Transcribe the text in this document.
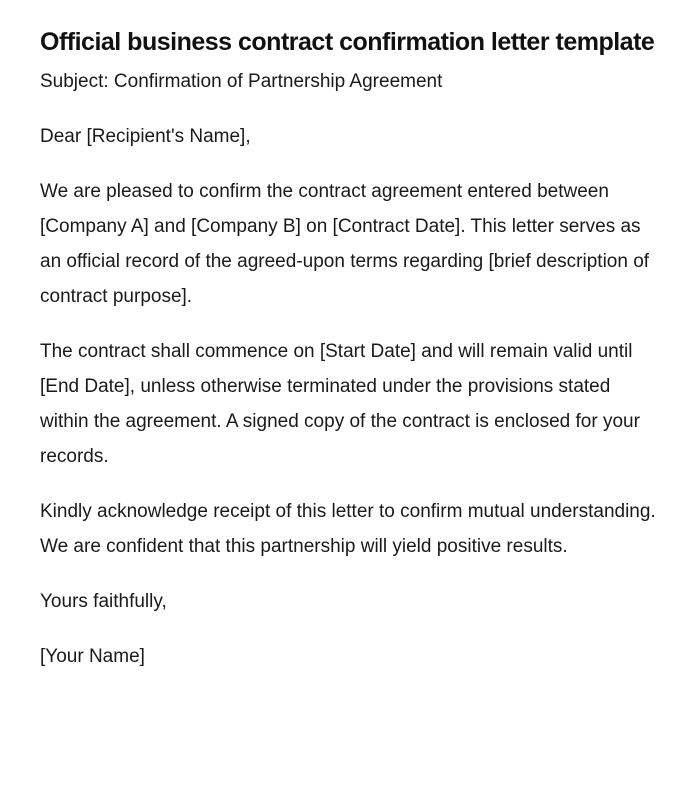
Official business contract confirmation letter template

Subject: Confirmation of Partnership Agreement

Dear [Recipient's Name],

We are pleased to confirm the contract agreement entered between [Company A] and [Company B] on [Contract Date]. This letter serves as an official record of the agreed-upon terms regarding [brief description of contract purpose].

The contract shall commence on [Start Date] and will remain valid until [End Date], unless otherwise terminated under the provisions stated within the agreement. A signed copy of the contract is enclosed for your records.

Kindly acknowledge receipt of this letter to confirm mutual understanding. We are confident that this partnership will yield positive results.

Yours faithfully,

[Your Name]
